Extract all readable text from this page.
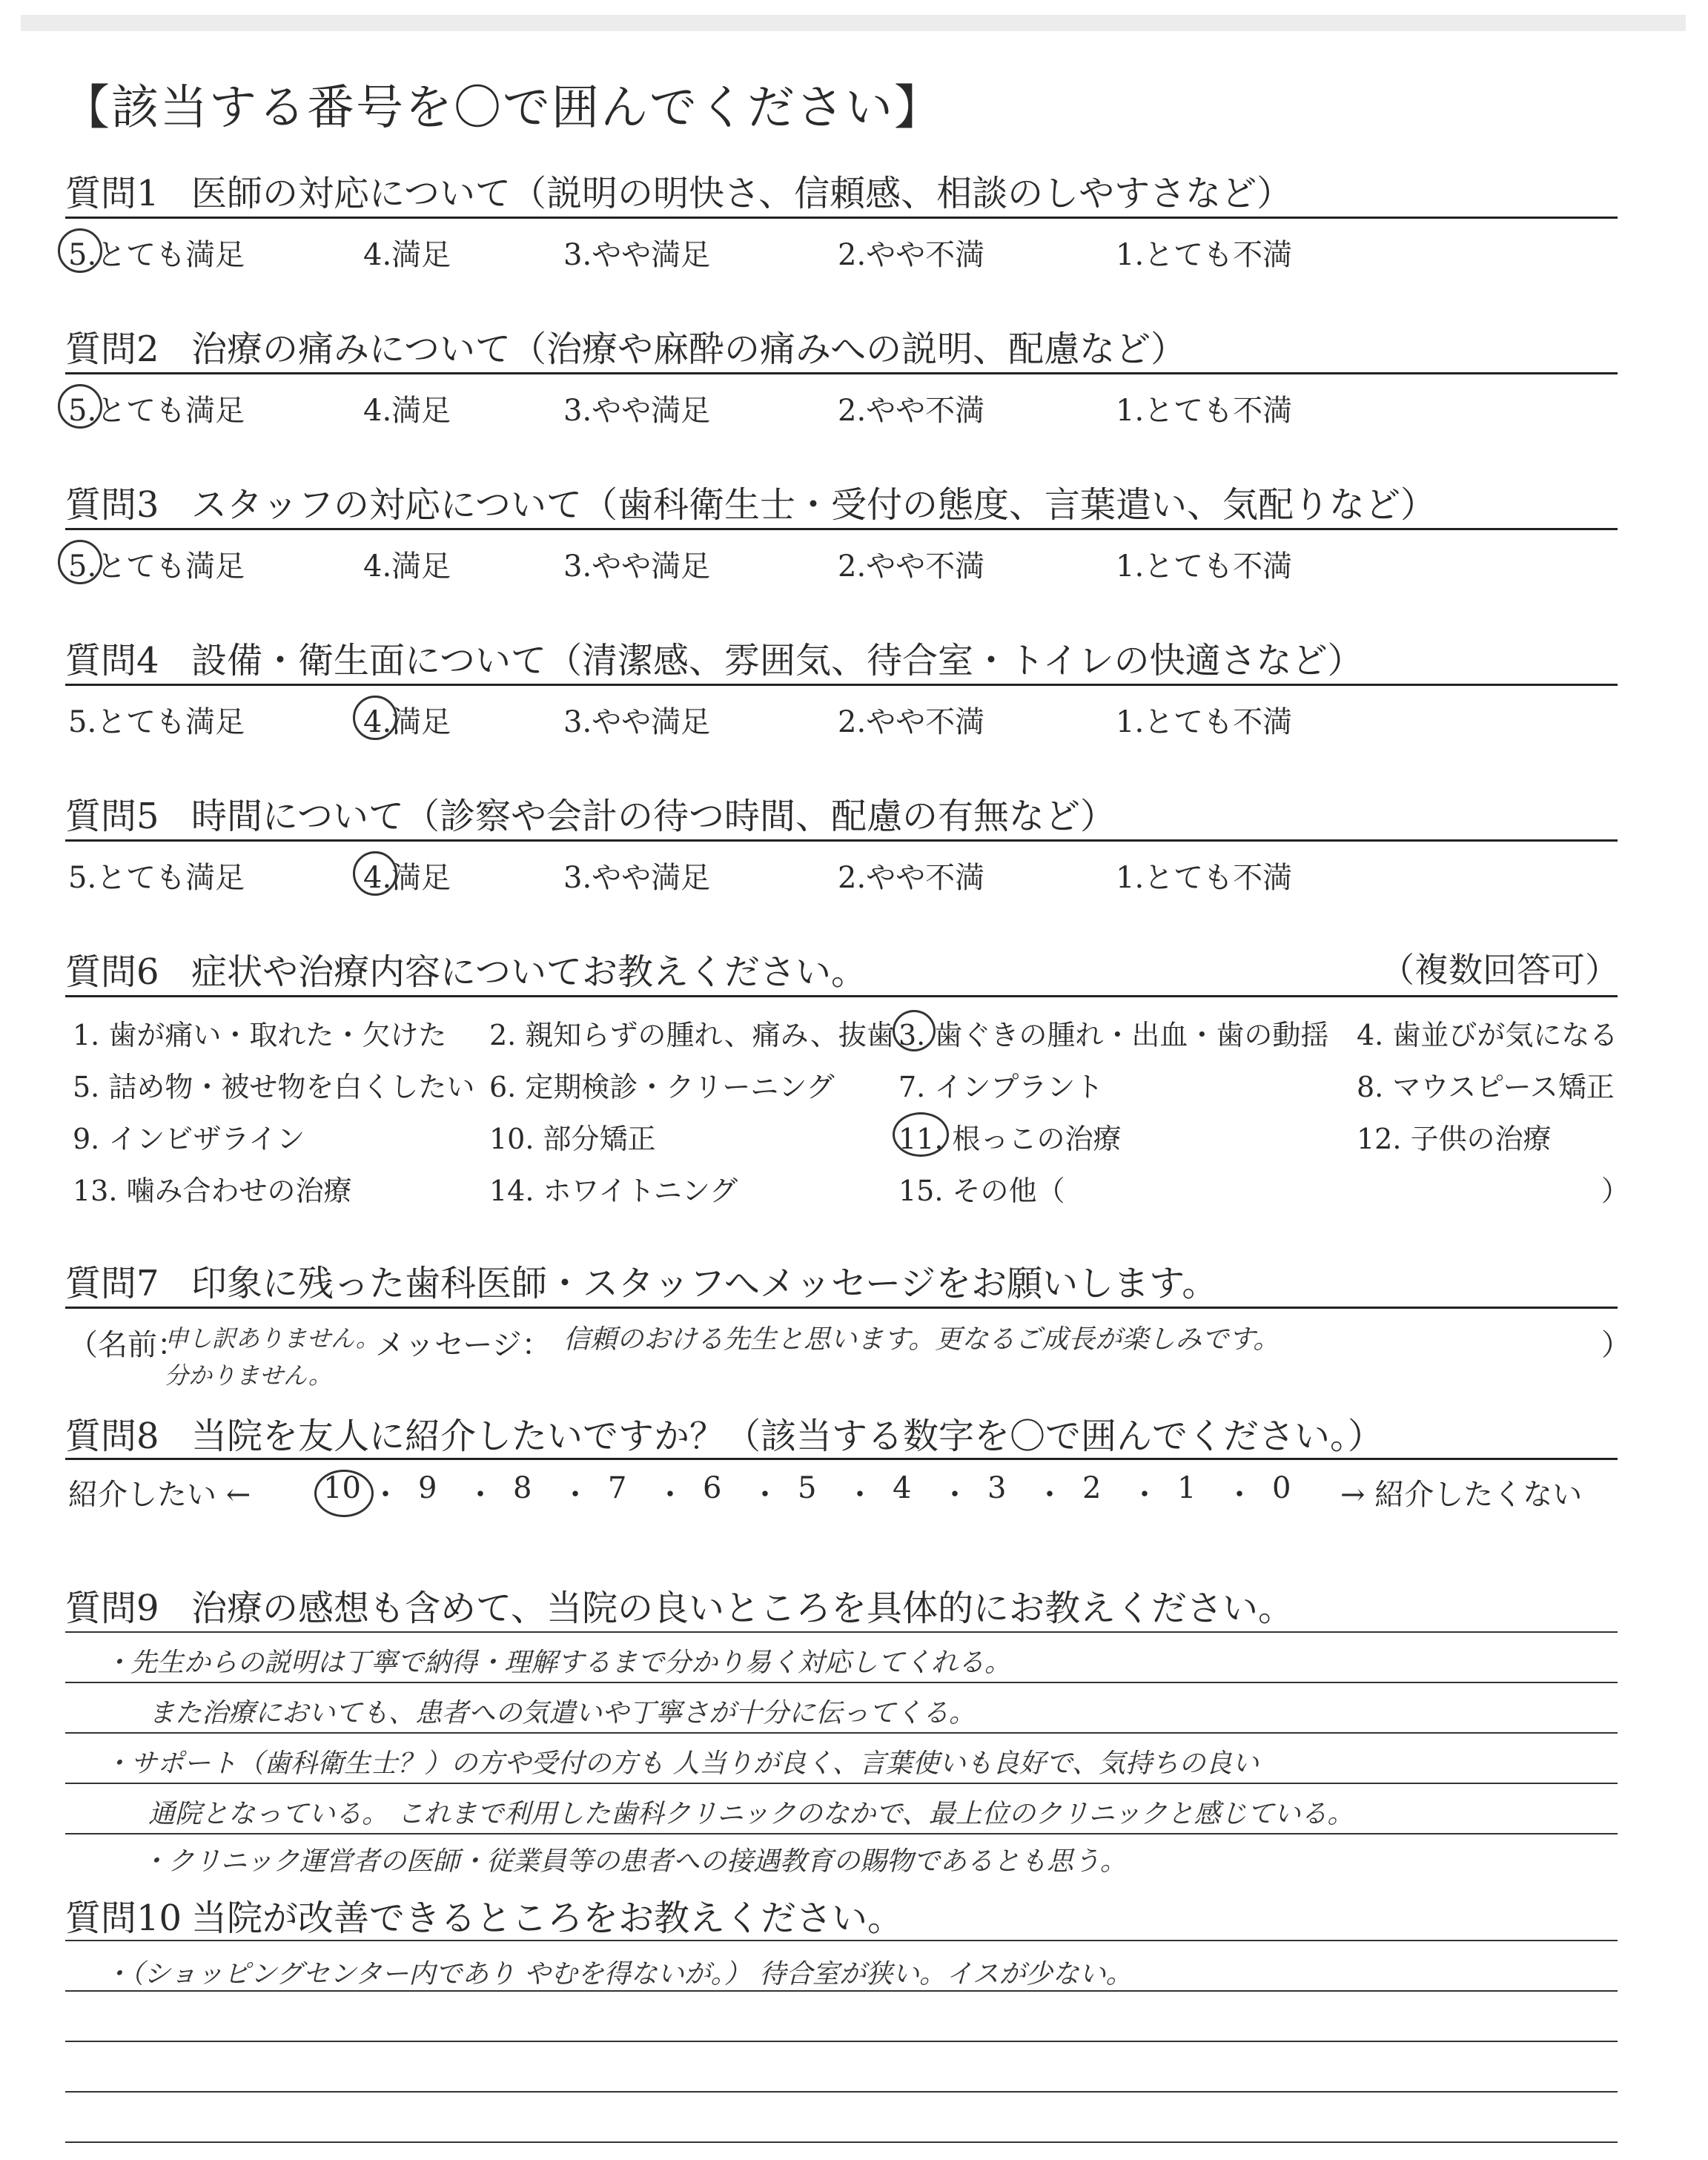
【該当する番号を〇で囲んでください】
質問1 医師の対応について（説明の明快さ、信頼感、相談のしやすさなど）
5.とても満足	4.満足	3.やや満足	2.やや不満	1.とても不満
質問2 治療の痛みについて（治療や麻酔の痛みへの説明、配慮など）
5.とても満足	4.満足	3.やや満足	2.やや不満	1.とても不満
質問3 スタッフの対応について（歯科衛生士・受付の態度、言葉遣い、気配りなど）
5.とても満足	4.満足	3.やや満足	2.やや不満	1.とても不満
質問4 設備・衛生面について（清潔感、雰囲気、待合室・トイレの快適さなど）
5.とても満足	4.満足	3.やや満足	2.やや不満	1.とても不満
質問5 時間について（診察や会計の待つ時間、配慮の有無など）
5.とても満足	4.満足	3.やや満足	2.やや不満	1.とても不満
質問6 症状や治療内容についてお教えください。	（複数回答可）
1. 歯が痛い・取れた・欠けた 2. 親知らずの腫れ、痛み、抜歯 3. 歯ぐきの腫れ・出血・歯の動揺 4. 歯並びが気になる
5. 詰め物・被せ物を白くしたい 6. 定期検診・クリーニング 7. インプラント	8. マウスピース矯正
9. インビザライン	10. 部分矯正	11. 根っこの治療	12. 子供の治療
13. 噛み合わせの治療	14. ホワイトニング	15. その他（	）
質問7 印象に残った歯科医師・スタッフへメッセージをお願いします。
（名前：
申し訳ありません。
分かりません。
メッセージ： 信頼のおける先生と思います。更なるご成長が楽しみです。	）
質問8 当院を友人に紹介したいですか？（該当する数字を〇で囲んでください。）
紹介したい ← 10 ・ 9 ・ 8 ・ 7 ・ 6 ・ 5 ・ 4 ・ 3 ・ 2 ・ 1 ・ 0 → 紹介したくない
質問9 治療の感想も含めて、当院の良いところを具体的にお教えください。
・先生からの説明は丁寧で納得・理解するまで分かり易く対応してくれる。
また治療においても、患者への気遣いや丁寧さが十分に伝ってくる。
・サポート（歯科衛生士？）の方や受付の方も 人当りが良く、言葉使いも良好で、気持ちの良い
通院となっている。 これまで利用した歯科クリニックのなかで、最上位のクリニックと感じている。
・クリニック運営者の医師・従業員等の患者への接遇教育の賜物であるとも思う。
質問10 当院が改善できるところをお教えください。
・（ショッピングセンター内であり やむを得ないが。） 待合室が狭い。イスが少ない。
